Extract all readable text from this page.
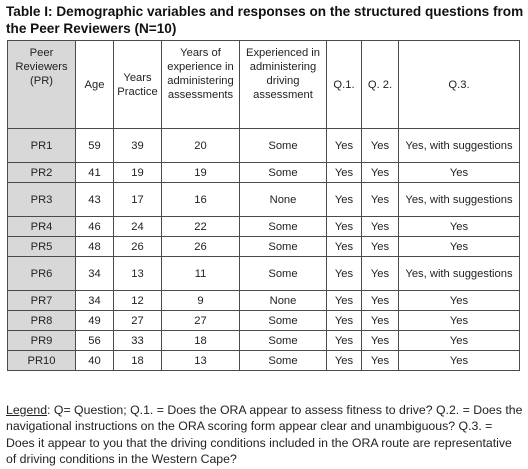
Table I: Demographic variables and responses on the structured questions from the Peer Reviewers (N=10)
Peer Reviewers (PR)	Age	Years Practice	Years of experience in administering assessments	Experienced in administering driving assessment	Q.1.	Q. 2.	Q.3.
PR1	59	39	20	Some	Yes	Yes	Yes, with suggestions
PR2	41	19	19	Some	Yes	Yes	Yes
PR3	43	17	16	None	Yes	Yes	Yes, with suggestions
PR4	46	24	22	Some	Yes	Yes	Yes
PR5	48	26	26	Some	Yes	Yes	Yes
PR6	34	13	11	Some	Yes	Yes	Yes, with suggestions
PR7	34	12	9	None	Yes	Yes	Yes
PR8	49	27	27	Some	Yes	Yes	Yes
PR9	56	33	18	Some	Yes	Yes	Yes
PR10	40	18	13	Some	Yes	Yes	Yes
Legend: Q= Question; Q.1. = Does the ORA appear to assess fitness to drive? Q.2. = Does the navigational instructions on the ORA scoring form appear clear and unambiguous? Q.3. = Does it appear to you that the driving conditions included in the ORA route are representative of driving conditions in the Western Cape?
